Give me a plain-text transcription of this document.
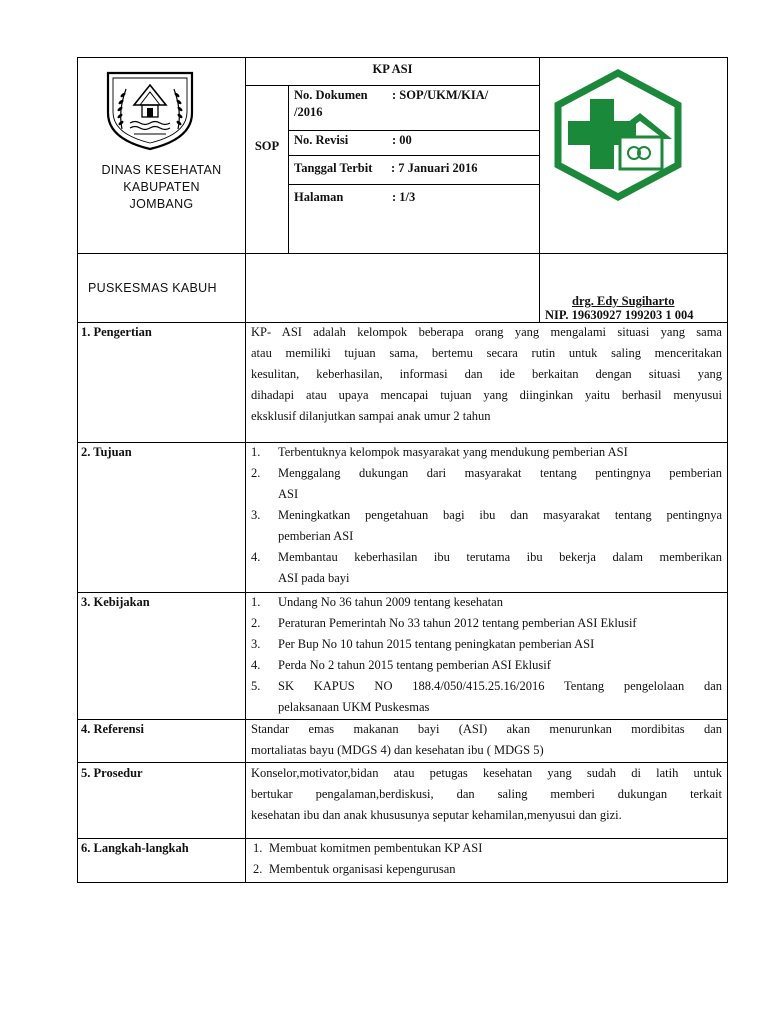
DINAS KESEHATAN
KABUPATEN
JOMBANG
KP ASI
SOP
No. Dokumen : SOP/UKM/KIA/
/2016
No. Revisi	: 00
Tanggal Terbit : 7 Januari 2016
Halaman	: 1/3
PUSKESMAS KABUH
drg. Edy Sugiharto
NIP. 19630927 199203 1 004
1. Pengertian	KP- ASI adalah kelompok beberapa orang yang mengalami situasi yang sama
atau memiliki tujuan sama, bertemu secara rutin untuk saling menceritakan
kesulitan, keberhasilan, informasi dan ide berkaitan dengan situasi yang
dihadapi atau upaya mencapai tujuan yang diinginkan yaitu berhasil menyusui
eksklusif dilanjutkan sampai anak umur 2 tahun
2. Tujuan	1. Terbentuknya kelompok masyarakat yang mendukung pemberian ASI
2. Menggalang dukungan dari masyarakat tentang pentingnya pemberian
ASI
3. Meningkatkan pengetahuan bagi ibu dan masyarakat tentang pentingnya
pemberian ASI
4. Membantau keberhasilan ibu terutama ibu bekerja dalam memberikan
ASI pada bayi
3. Kebijakan	1. Undang No 36 tahun 2009 tentang kesehatan
2. Peraturan Pemerintah No 33 tahun 2012 tentang pemberian ASI Eklusif
3. Per Bup No 10 tahun 2015 tentang peningkatan pemberian ASI
4. Perda No 2 tahun 2015 tentang pemberian ASI Eklusif
5. SK KAPUS NO 188.4/050/415.25.16/2016 Tentang pengelolaan dan
pelaksanaan UKM Puskesmas
4. Referensi	Standar emas makanan bayi (ASI) akan menurunkan mordibitas dan
mortaliatas bayu (MDGS 4) dan kesehatan ibu ( MDGS 5)
5. Prosedur	Konselor,motivator,bidan atau petugas kesehatan yang sudah di latih untuk
bertukar pengalaman,berdiskusi, dan saling memberi dukungan terkait
kesehatan ibu dan anak khususunya seputar kehamilan,menyusui dan gizi.
6. Langkah-langkah	1. Membuat komitmen pembentukan KP ASI
2. Membentuk organisasi kepengurusan
